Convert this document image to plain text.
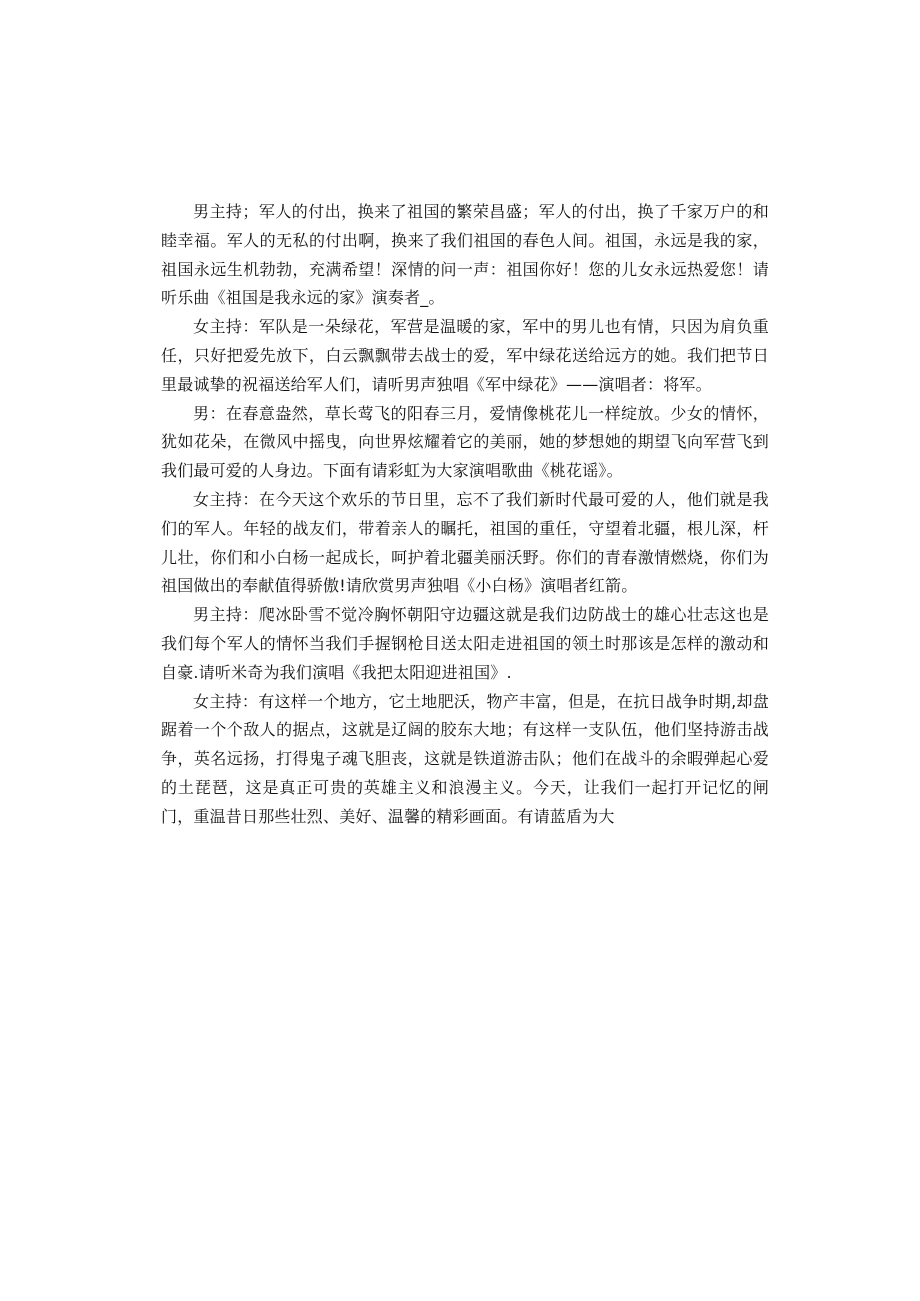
男主持；军人的付出，换来了祖国的繁荣昌盛；军人的付出，换了千家万户的和睦幸福。军人的无私的付出啊，换来了我们祖国的春色人间。祖国，永远是我的家，祖国永远生机勃勃，充满希望！深情的问一声：祖国你好！您的儿女永远热爱您！请听乐曲《祖国是我永远的家》演奏者_。

女主持：军队是一朵绿花，军营是温暖的家，军中的男儿也有情，只因为肩负重任，只好把爱先放下，白云飘飘带去战士的爱，军中绿花送给远方的她。我们把节日里最诚挚的祝福送给军人们，请听男声独唱《军中绿花》——演唱者：将军。

男：在春意盎然，草长莺飞的阳春三月，爱情像桃花儿一样绽放。少女的情怀，犹如花朵，在微风中摇曳，向世界炫耀着它的美丽，她的梦想她的期望飞向军营飞到我们最可爱的人身边。下面有请彩虹为大家演唱歌曲《桃花谣》。

女主持：在今天这个欢乐的节日里，忘不了我们新时代最可爱的人，他们就是我们的军人。年轻的战友们，带着亲人的瞩托，祖国的重任，守望着北疆，根儿深，杆儿壮，你们和小白杨一起成长，呵护着北疆美丽沃野。你们的青春激情燃烧，你们为祖国做出的奉献值得骄傲!请欣赏男声独唱《小白杨》演唱者红箭。

男主持：爬冰卧雪不觉冷胸怀朝阳守边疆这就是我们边防战士的雄心壮志这也是我们每个军人的情怀当我们手握钢枪目送太阳走进祖国的领土时那该是怎样的激动和自豪.请听米奇为我们演唱《我把太阳迎进祖国》.

女主持：有这样一个地方，它土地肥沃，物产丰富，但是，在抗日战争时期,却盘踞着一个个敌人的据点，这就是辽阔的胶东大地；有这样一支队伍，他们坚持游击战争，英名远扬，打得鬼子魂飞胆丧，这就是铁道游击队；他们在战斗的余暇弹起心爱的土琵琶，这是真正可贵的英雄主义和浪漫主义。今天，让我们一起打开记忆的闸门，重温昔日那些壮烈、美好、温馨的精彩画面。有请蓝盾为大
